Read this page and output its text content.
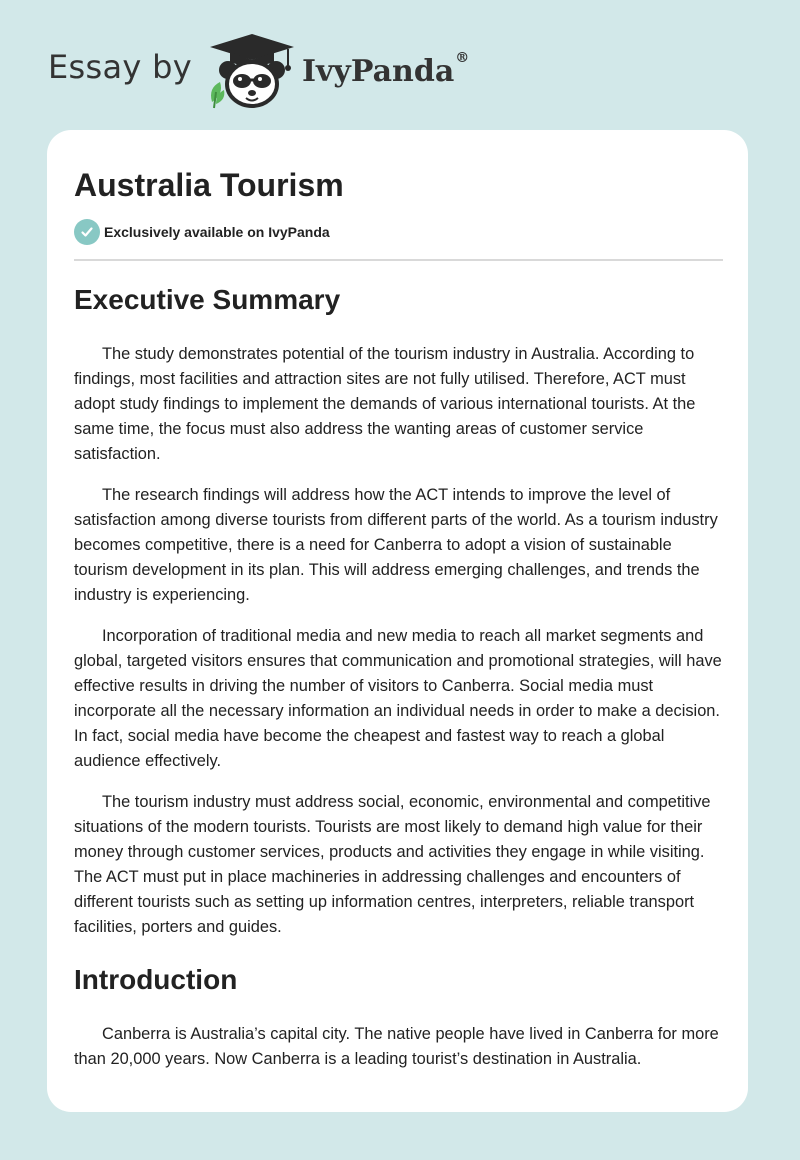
Essay by	IvyPanda®
Australia Tourism
Exclusively available on IvyPanda
Executive Summary

The study demonstrates potential of the tourism industry in Australia. According to findings, most facilities and attraction sites are not fully utilised. Therefore, ACT must adopt study findings to implement the demands of various international tourists. At the same time, the focus must also address the wanting areas of customer service satisfaction.

The research findings will address how the ACT intends to improve the level of satisfaction among diverse tourists from different parts of the world. As a tourism industry becomes competitive, there is a need for Canberra to adopt a vision of sustainable tourism development in its plan. This will address emerging challenges, and trends the industry is experiencing.

Incorporation of traditional media and new media to reach all market segments and global, targeted visitors ensures that communication and promotional strategies, will have effective results in driving the number of visitors to Canberra. Social media must incorporate all the necessary information an individual needs in order to make a decision. In fact, social media have become the cheapest and fastest way to reach a global audience effectively.

The tourism industry must address social, economic, environmental and competitive situations of the modern tourists. Tourists are most likely to demand high value for their money through customer services, products and activities they engage in while visiting. The ACT must put in place machineries in addressing challenges and encounters of different tourists such as setting up information centres, interpreters, reliable transport facilities, porters and guides.

Introduction

Canberra is Australia’s capital city. The native people have lived in Canberra for more than 20,000 years. Now Canberra is a leading tourist’s destination in Australia.
